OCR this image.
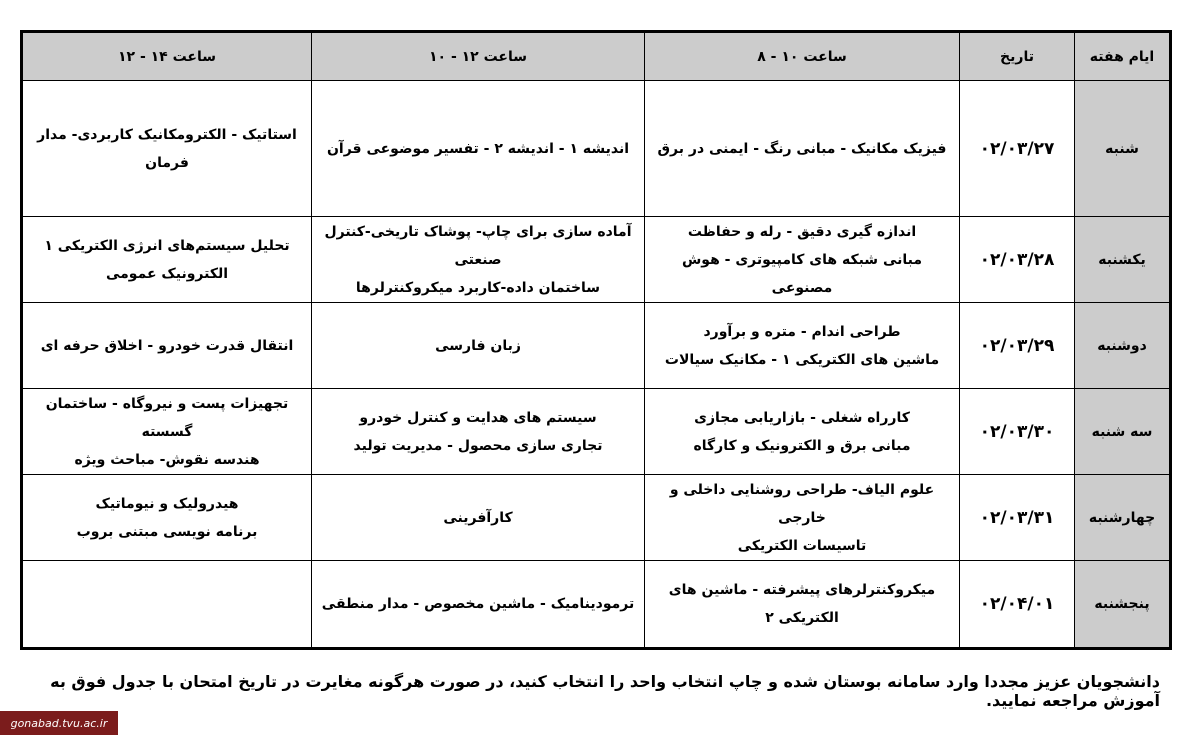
ایام هفته
تاریخ
ساعت ۱۰ - ۸
ساعت ۱۲ - ۱۰
ساعت ۱۴ - ۱۲
شنبه
۰۲/۰۳/۲۷
فیزیک مکانیک - مبانی رنگ - ایمنی در برق
اندیشه ۱ - اندیشه ۲ - تفسیر موضوعی قرآن
استاتیک - الکترومکانیک کاربردی- مدار فرمان
یکشنبه
۰۲/۰۳/۲۸
اندازه گیری دقیق - رله و حفاظت
مبانی شبکه های کامپیوتری - هوش مصنوعی
آماده سازی برای چاپ- پوشاک تاریخی-کنترل صنعتی
ساختمان داده-کاربرد میکروکنترلرها
تحلیل سیستم‌های انرژی الکتریکی ۱
الکترونیک عمومی
دوشنبه
۰۲/۰۳/۲۹
طراحی اندام - متره و برآورد
ماشین های الکتریکی ۱ - مکانیک سیالات
زبان فارسی
انتقال قدرت خودرو - اخلاق حرفه ای
سه شنبه
۰۲/۰۳/۳۰
کارراه شغلی - بازاریابی مجازی
مبانی برق و الکترونیک و کارگاه
سیستم های هدایت و کنترل خودرو
تجاری سازی محصول - مدیریت تولید
تجهیزات پست و نیروگاه - ساختمان گسسته
هندسه نقوش- مباحث ویژه
چهارشنبه
۰۲/۰۳/۳۱
علوم الیاف- طراحی روشنایی داخلی و خارجی
تاسیسات الکتریکی
کارآفرینی
هیدرولیک و نیوماتیک
برنامه نویسی مبتنی بروب
پنجشنبه
۰۲/۰۴/۰۱
میکروکنترلرهای پیشرفته - ماشین های الکتریکی ۲
ترمودینامیک - ماشین مخصوص - مدار منطقی
دانشجویان عزیز مجددا وارد سامانه بوستان شده و چاپ انتخاب واحد را انتخاب کنید، در صورت هرگونه مغایرت در تاریخ امتحان با جدول فوق به آموزش مراجعه نمایید.
gonabad.tvu.ac.ir
